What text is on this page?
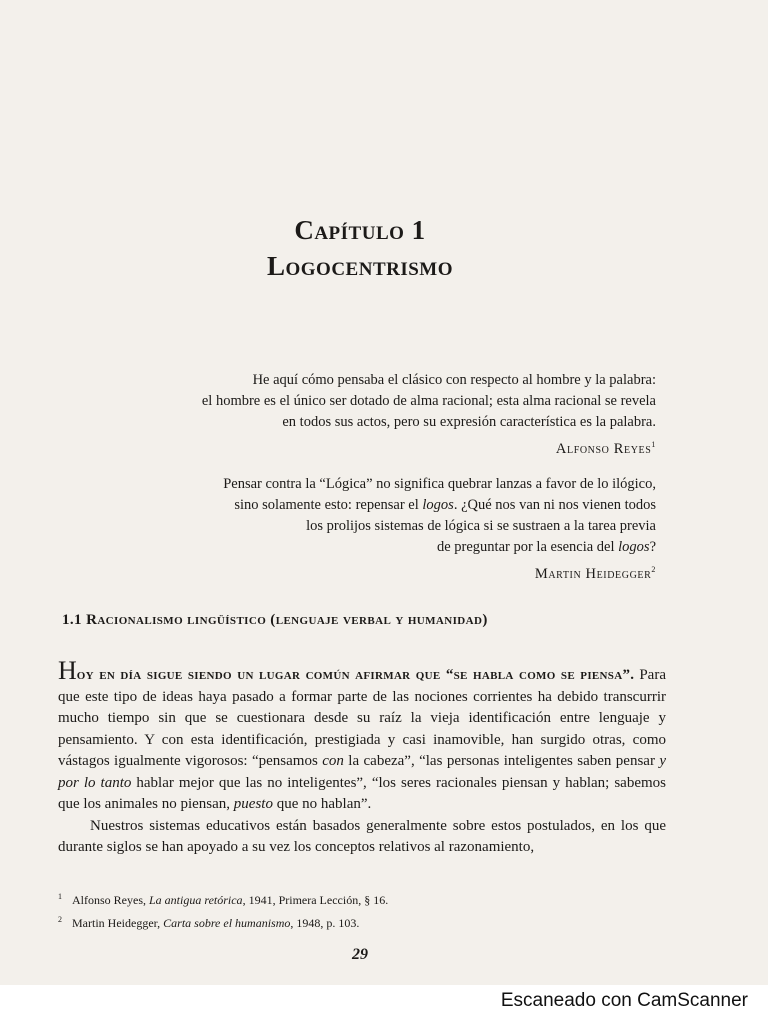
Capítulo 1
Logocentrismo

He aquí cómo pensaba el clásico con respecto al hombre y la palabra:

el hombre es el único ser dotado de alma racional; esta alma racional se revela

en todos sus actos, pero su expresión característica es la palabra.

Alfonso Reyes$^1$

Pensar contra la “Lógica” no significa quebrar lanzas a favor de lo ilógico,

sino solamente esto: repensar el logos. ¿Qué nos van ni nos vienen todos

los prolijos sistemas de lógica si se sustraen a la tarea previa

de preguntar por la esencia del logos?

Martin Heidegger$^2$

1.1 Racionalismo lingüístico (lenguaje verbal y humanidad)

Hoy en día sigue siendo un lugar común afirmar que “se habla como se piensa”. Para que este tipo de ideas haya pasado a formar parte de las nociones corrientes ha debido transcurrir mucho tiempo sin que se cuestionara desde su raíz la vieja identificación entre lenguaje y pensamiento. Y con esta identificación, prestigiada y casi inamovible, han surgido otras, como vástagos igualmente vigorosos: “pensamos con la cabeza”, “las personas inteligentes saben pensar y por lo tanto hablar mejor que las no inteligentes”, “los seres racionales piensan y hablan; sabemos que los animales no piensan, puesto que no hablan”.

Nuestros sistemas educativos están basados generalmente sobre estos postulados, en los que durante siglos se han apoyado a su vez los conceptos relativos al razonamiento,

$^1$ Alfonso Reyes, La antigua retórica, 1941, Primera Lección, § 16.

$^2$ Martin Heidegger, Carta sobre el humanismo, 1948, p. 103.

29
Escaneado con CamScanner
